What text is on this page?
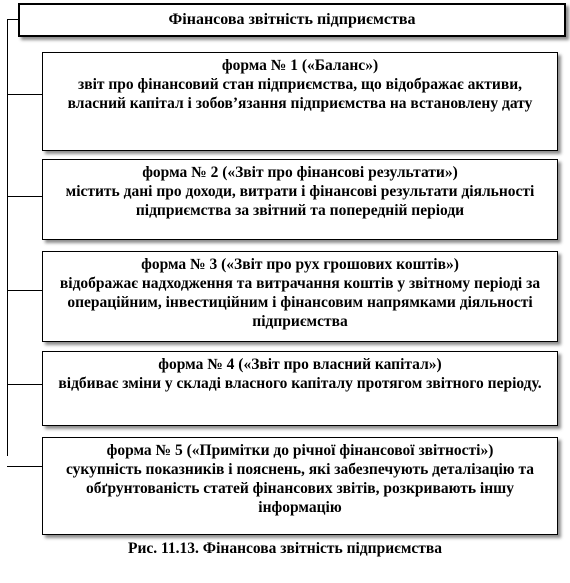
Фінансова звітність підприємства
форма № 1 («Баланс»)
звіт про фінансовий стан підприємства, що відображає активи, власний капітал і зобов’язання підприємства на встановлену дату
форма № 2 («Звіт про фінансові результати»)
містить дані про доходи, витрати і фінансові результати діяльності підприємства за звітний та попередній періоди
форма № 3 («Звіт про рух грошових коштів»)
відображає надходження та витрачання коштів у звітному періоді за операційним, інвестиційним і фінансовим напрямками діяльності підприємства
форма № 4 («Звіт про власний капітал»)
відбиває зміни у складі власного капіталу протягом звітного періоду.
форма № 5 («Примітки до річної фінансової звітності»)
сукупність показників і пояснень, які забезпечують деталізацію та обґрунтованість статей фінансових звітів, розкривають іншу інформацію
Рис. 11.13. Фінансова звітність підприємства
